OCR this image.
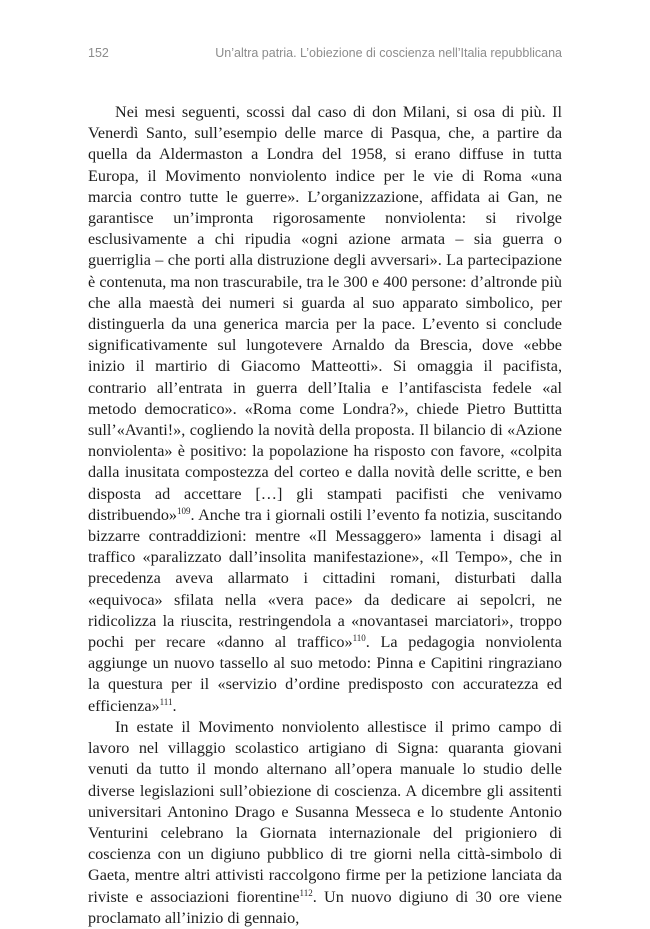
152	Un’altra patria. L’obiezione di coscienza nell’Italia repubblicana

Nei mesi seguenti, scossi dal caso di don Milani, si osa di più. Il Venerdì Santo, sull’esempio delle marce di Pasqua, che, a partire da quella da Aldermaston a Londra del 1958, si erano diffuse in tutta Europa, il Movimento nonviolento indice per le vie di Roma «una marcia contro tutte le guerre». L’organizzazione, affidata ai Gan, ne garantisce un’impronta rigorosamente nonviolenta: si rivolge esclusivamente a chi ripudia «ogni azione armata – sia guerra o guerriglia – che porti alla distruzione degli avversari». La partecipazione è contenuta, ma non trascurabile, tra le 300 e 400 persone: d’altronde più che alla maestà dei numeri si guarda al suo apparato simbolico, per distinguerla da una generica marcia per la pace. L’evento si conclude significativamente sul lungotevere Arnaldo da Brescia, dove «ebbe inizio il martirio di Giacomo Matteotti». Si omaggia il pacifista, contrario all’entrata in guerra dell’Italia e l’antifascista fedele «al metodo democratico». «Roma come Londra?», chiede Pietro Buttitta sull’«Avanti!», cogliendo la novità della proposta. Il bilancio di «Azione nonviolenta» è positivo: la popolazione ha risposto con favore, «colpita dalla inusitata compostezza del corteo e dalla novità delle scritte, e ben disposta ad accettare […] gli stampati pacifisti che venivamo distribuendo»$^{109}$. Anche tra i giornali ostili l’evento fa notizia, suscitando bizzarre contraddizioni: mentre «Il Messaggero» lamenta i disagi al traffico «paralizzato dall’insolita manifestazione», «Il Tempo», che in precedenza aveva allarmato i cittadini romani, disturbati dalla «equivoca» sfilata nella «vera pace» da dedicare ai sepolcri, ne ridicolizza la riuscita, restringendola a «novantasei marciatori», troppo pochi per recare «danno al traffico»$^{110}$. La pedagogia nonviolenta aggiunge un nuovo tassello al suo metodo: Pinna e Capitini ringraziano la questura per il «servizio d’ordine predisposto con accuratezza ed efficienza»$^{111}$.

In estate il Movimento nonviolento allestisce il primo campo di lavoro nel villaggio scolastico artigiano di Signa: quaranta giovani venuti da tutto il mondo alternano all’opera manuale lo studio delle diverse legislazioni sull’obiezione di coscienza. A dicembre gli assitenti universitari Antonino Drago e Susanna Messeca e lo studente Antonio Venturini celebrano la Giornata internazionale del prigioniero di coscienza con un digiuno pubblico di tre giorni nella città-simbolo di Gaeta, mentre altri attivisti raccolgono firme per la petizione lanciata da riviste e associazioni fiorentine$^{112}$. Un nuovo digiuno di 30 ore viene proclamato all’inizio di gennaio,
